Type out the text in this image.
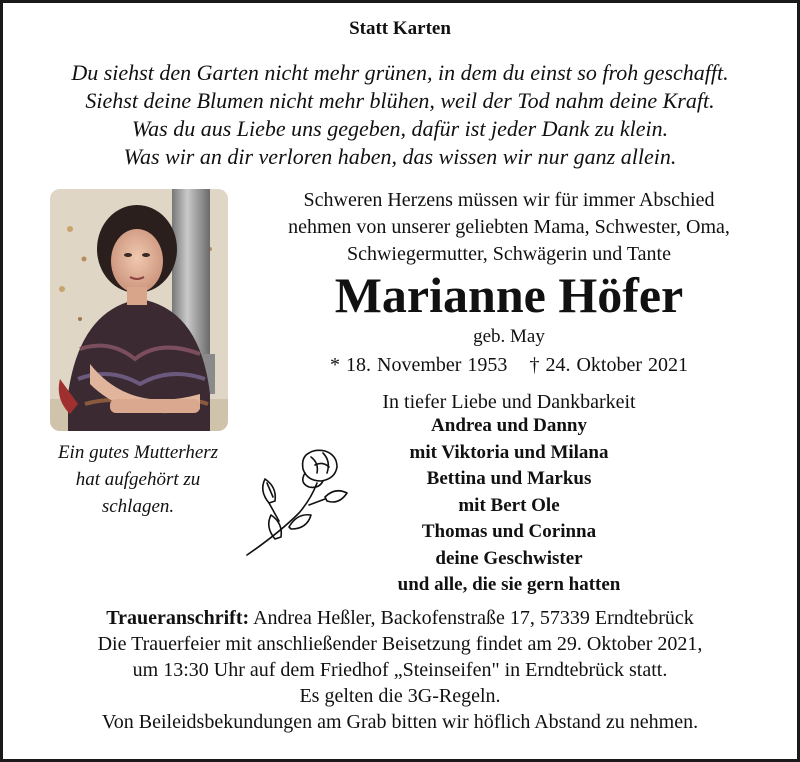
Statt Karten
Du siehst den Garten nicht mehr grünen, in dem du einst so froh geschafft.
Siehst deine Blumen nicht mehr blühen, weil der Tod nahm deine Kraft.
Was du aus Liebe uns gegeben, dafür ist jeder Dank zu klein.
Was wir an dir verloren haben, das wissen wir nur ganz allein.
Ein gutes Mutterherz
hat aufgehört zu
schlagen.
Schweren Herzens müssen wir für immer Abschied
nehmen von unserer geliebten Mama, Schwester, Oma,
Schwiegermutter, Schwägerin und Tante
Marianne Höfer
geb. May
* 18. November 1953 † 24. Oktober 2021
In tiefer Liebe und Dankbarkeit
Andrea und Danny
mit Viktoria und Milana
Bettina und Markus
mit Bert Ole
Thomas und Corinna
deine Geschwister
und alle, die sie gern hatten
Traueranschrift: Andrea Heßler, Backofenstraße 17, 57339 Erndtebrück
Die Trauerfeier mit anschließender Beisetzung findet am 29. Oktober 2021,
um 13:30 Uhr auf dem Friedhof „Steinseifen" in Erndtebrück statt.
Es gelten die 3G-Regeln.
Von Beileidsbekundungen am Grab bitten wir höflich Abstand zu nehmen.
